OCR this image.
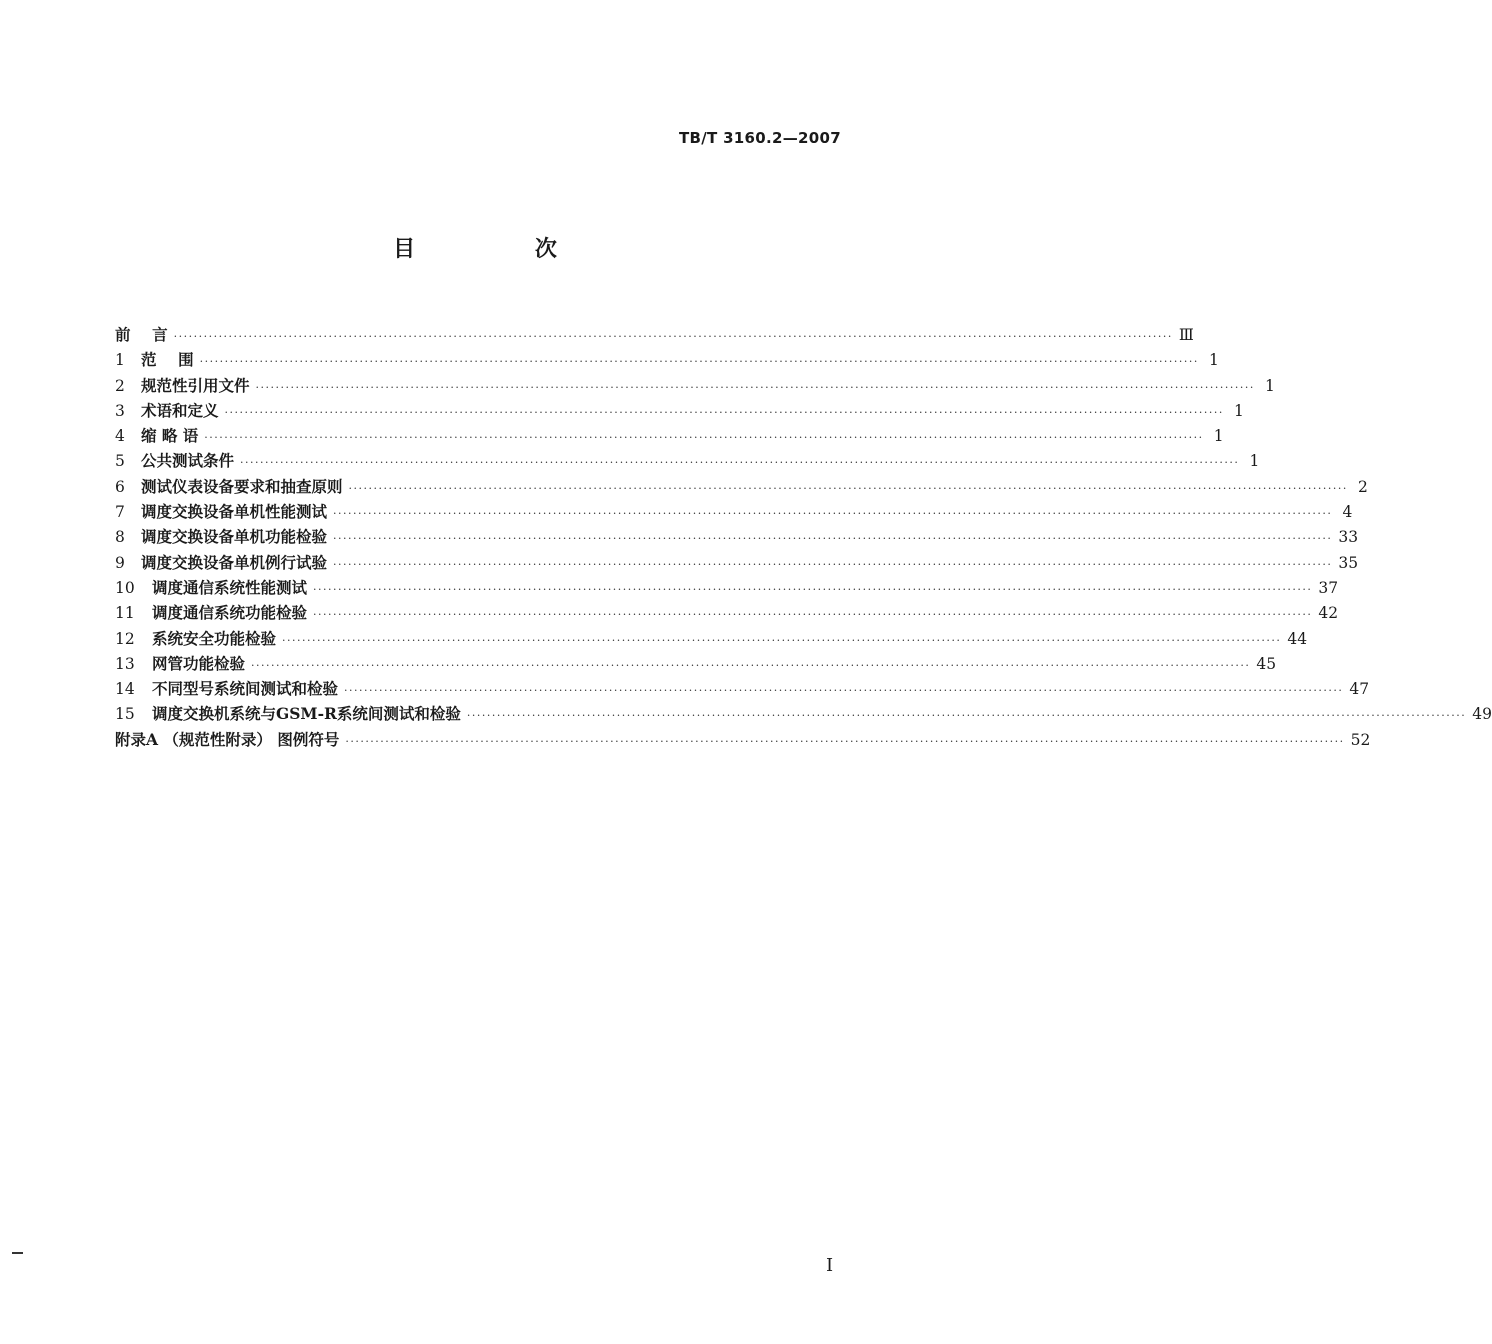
TB/T 3160.2—2007
目 次
前    言 ········································································································································································································ Ⅲ
1	范    围 ········································································································································································································ 1
2	规范性引用文件 ········································································································································································································ 1
3	术语和定义 ········································································································································································································ 1
4	缩 略 语 ········································································································································································································ 1
5	公共测试条件 ········································································································································································································ 1
6	测试仪表设备要求和抽查原则 ········································································································································································································ 2
7	调度交换设备单机性能测试 ········································································································································································································ 4
8	调度交换设备单机功能检验 ········································································································································································································ 33
9	调度交换设备单机例行试验 ········································································································································································································ 35
10	调度通信系统性能测试 ········································································································································································································ 37
11	调度通信系统功能检验 ········································································································································································································ 42
12	系统安全功能检验 ········································································································································································································ 44
13	网管功能检验 ········································································································································································································ 45
14	不同型号系统间测试和检验 ········································································································································································································ 47
15	调度交换机系统与GSM-R系统间测试和检验 ········································································································································································································ 49
附录A （规范性附录） 图例符号 ········································································································································································································ 52
I
